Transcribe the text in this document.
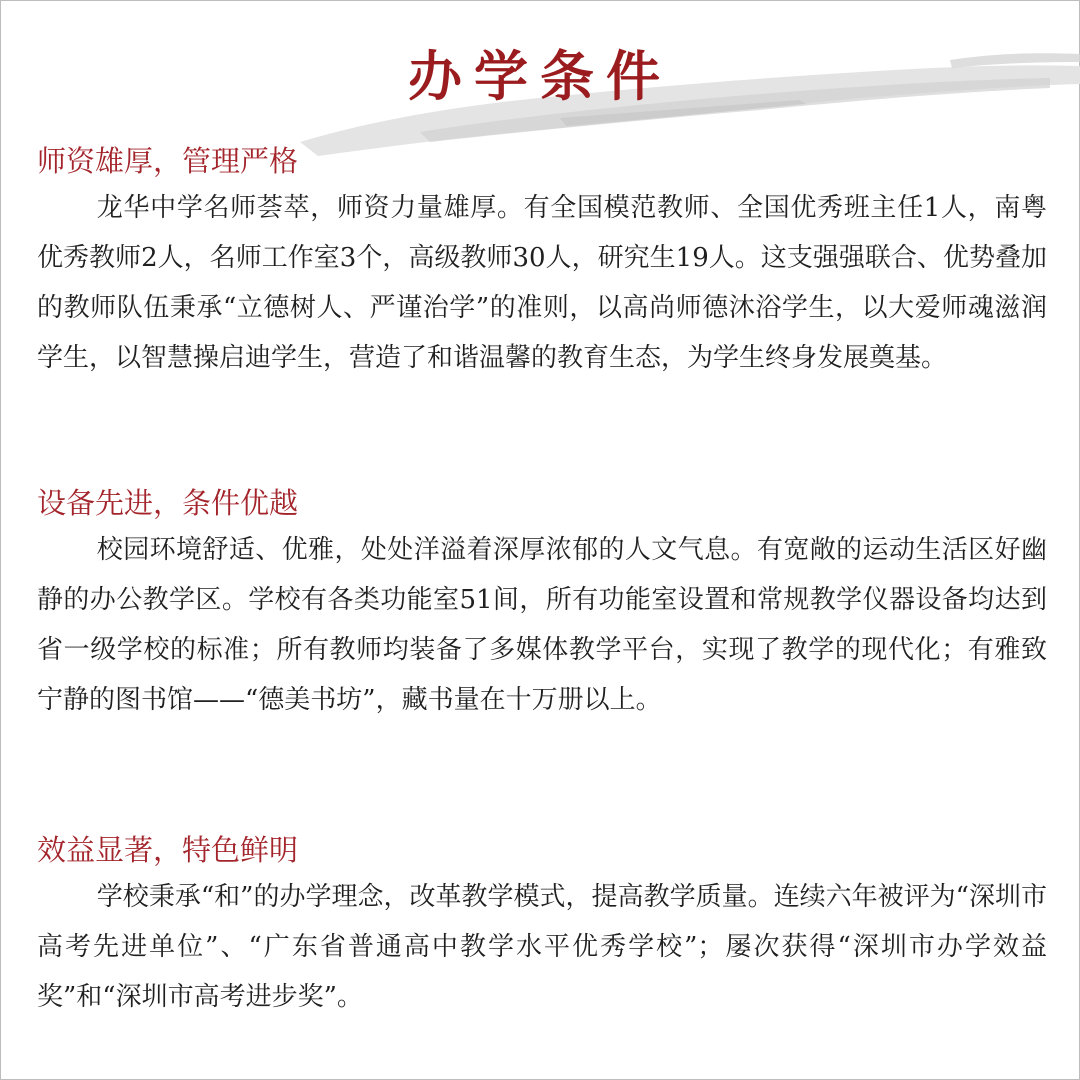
办学条件
师资雄厚，管理严格

龙华中学名师荟萃，师资力量雄厚。有全国模范教师、全国优秀班主任1人，南粤优秀教师2人，名师工作室3个，高级教师30人，研究生19人。这支强强联合、优势叠加的教师队伍秉承“立德树人、严谨治学”的准则，以高尚师德沐浴学生，以大爱师魂滋润学生，以智慧操启迪学生，营造了和谐温馨的教育生态，为学生终身发展奠基。

设备先进，条件优越

校园环境舒适、优雅，处处洋溢着深厚浓郁的人文气息。有宽敞的运动生活区好幽静的办公教学区。学校有各类功能室51间，所有功能室设置和常规教学仪器设备均达到省一级学校的标准；所有教师均装备了多媒体教学平台，实现了教学的现代化；有雅致宁静的图书馆——“德美书坊”，藏书量在十万册以上。

效益显著，特色鲜明

学校秉承“和”的办学理念，改革教学模式，提高教学质量。连续六年被评为“深圳市高考先进单位”、“广东省普通高中教学水平优秀学校”；屡次获得“深圳市办学效益奖”和“深圳市高考进步奖”。
